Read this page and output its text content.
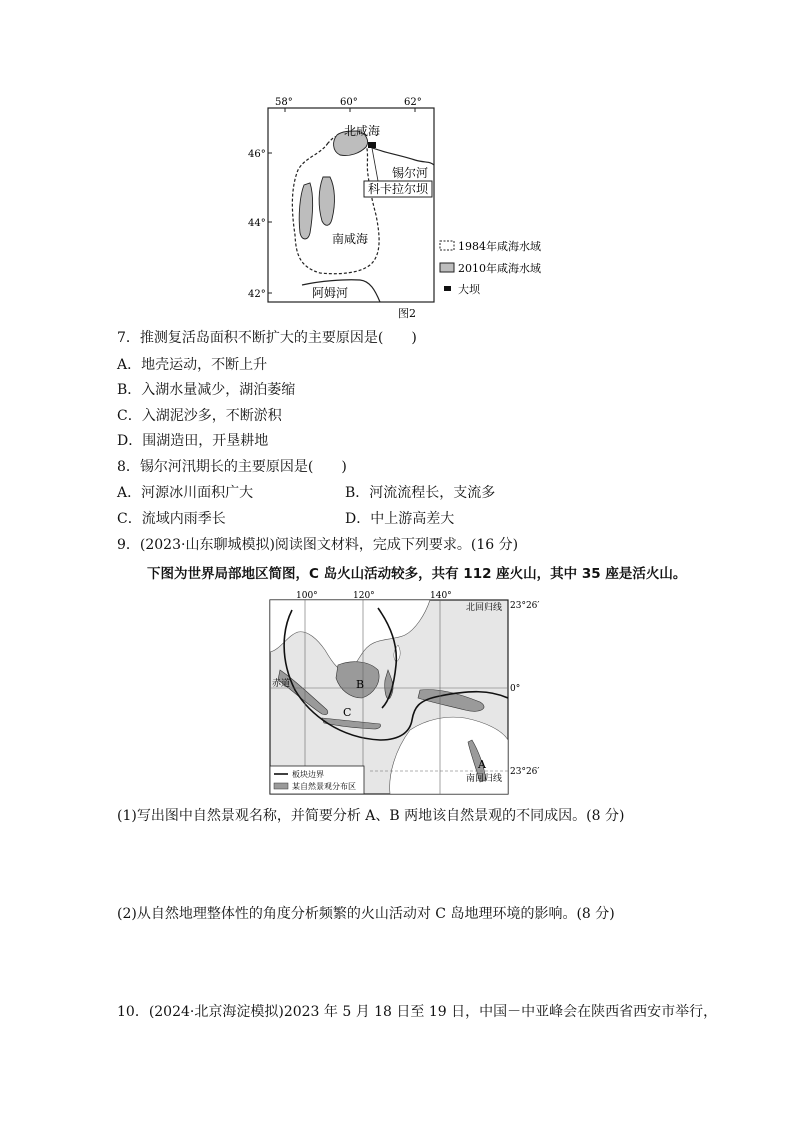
58°	60°	62°
46°
44°
42°
北咸海
南咸海
锡尔河
科卡拉尔坝
阿姆河
1984年咸海水域
2010年咸海水域
大坝
图2
7．推测复活岛面积不断扩大的主要原因是(　　)
A．地壳运动，不断上升
B．入湖水量减少，湖泊萎缩
C．入湖泥沙多，不断淤积
D．围湖造田，开垦耕地
8．锡尔河汛期长的主要原因是(　　)
A．河源冰川面积广大	B．河流流程长，支流多
C．流域内雨季长	D．中上游高差大
9．(2023·山东聊城模拟)阅读图文材料，完成下列要求。(16 分)
下图为世界局部地区简图，C 岛火山活动较多，共有 112 座火山，其中 35 座是活火山。
100°	120°	140°
23°26′
0°
23°26′
北回归线
赤道
南回归线
A
B
C
板块边界
某自然景观分布区
(1)写出图中自然景观名称，并简要分析 A、B 两地该自然景观的不同成因。(8 分)
(2)从自然地理整体性的角度分析频繁的火山活动对 C 岛地理环境的影响。(8 分)
10．(2024·北京海淀模拟)2023 年 5 月 18 日至 19 日，中国－中亚峰会在陕西省西安市举行，
